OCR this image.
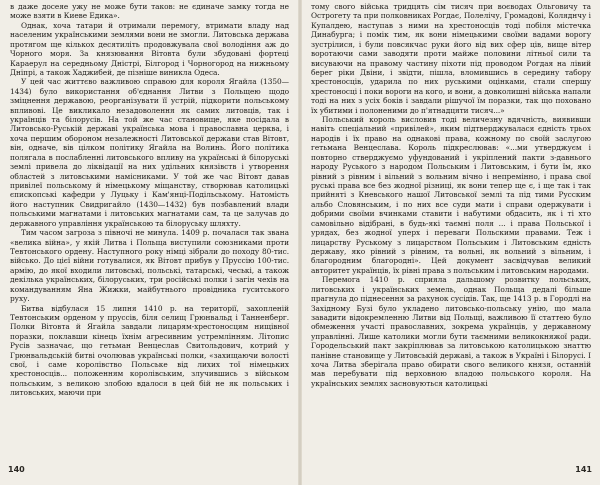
в даже досеяе ужу не може бути таков: не єдиначе замку тогда не може взяти в Киеве Едика».

Однак, хоча татари й отримали перемогу, втримати владу над населеним українськими землями вони не змогли. Литовська держава протягом ще кількох десятиліть продовжувала свої володіння аж до Чорного моря. За князювання Вітовта були збудовані фортеці Караерул на середньому Дністрі, Білгород і Чорногород на нижньому Дніпрі, а також Хаджибей, де пізніше виникла Одеса.

У цей час життєво важливою справою для короля Ягайла (1350—1434) було використання об'єднання Литви з Польщею щодо зміцнення державою, реорганізувати її устрій, підкорити польському впливові. Це викликало незадоволення як самих литовців, так і українців та білорусів. На той же час становище, яке посідала в Литовсько-Руській державі українська мова і православна церква, і хоча першим обороном незалежності Литовської держави став Вітовт, він, одначе, вів цілком політику Ягайла на Волинь. Його політика полягала в послабленні литовського впливу на українські й білоруські землі привела до ліквідації на них удільних князівств і утворення областей з литовськими намісниками. У той же час Вітовт давав привілеї польському й німецькому міщанству, створював католицькі єпископські кафедри у Луцьку і Кам'янці-Подільському. Натомість його наступник Свидригайло (1430—1432) був позбавлений влади польськими магнатами і литовських магнатами сам, та це залучав до державного управління українською та білоруську шляхту.

Тим часом загроза з півночі не минула. 1409 р. почалася так звана «велика війна», у якій Литва і Польща виступили союзниками проти Тевтонського ордену. Наступного року німці зібрали до походу 80-тис. військо. До цієї війни готувалися, як Вітовт прибув у Пруссію 100-тис. армію, до якої входили литовські, польські, татарські, чеські, а також декілька українських, білоруських, три російські полки і загін чехів на командуванням Яна Жижки, майбутнього провідника гуситського руху.

Битва відбулася 15 липня 1410 р. на території, захопленій Тевтонським орденом у пруссів, біля селищ Грюнвальд і Танненберг. Полки Вітовта й Ягайла завдали лицарям-хрестоносцям нищівної поразки, поклавши кінець їхнім агресивним устремлінням. Літопис Русів зазначає, що гетьман Венцеслав Свитольдович, котрий у Грюнвальдській битві очолював українські полки, «захищаючи волості свої, і саме королівство Польське від лихих тої німецьких хрестоносців... положенням королівським, злучившись з військом польським, з великою злобою вдалося в цей бій не як польських і литовських, маючи при

140

тому свого війська тридцять сім тисяч при воєводах Ольговичу та Острогету та при полковниках Рогдає, Полелічу, Громадові, Коляднчу і Купалдею, наступав з ними на хрестоносців тоді побіля містечка Динабурга; і помік тим, як вони німецькими своїми вадами ворогу зустрілися, і були повсякчас руки його від вих сфер ців, вище вітер воротаючи сами заводяти проти майже половини літньої сили та висуваючи на правому частину піхоти під проводом Рогдая на лівий берег ріки Двіни, і звідти, пішла, вломившись в середину табору хрестоносців, ударила по них руськими оцінками, стали спершу хрестоносці і поки вороги на кого, и вони, а довколишні війська напали тоді на них з усіх боків і завдали рішучої їм поразки, так що поховано їх убитими і полоненими до п'ятнадцяти тисяч...»

Польський король висловив тоді величезну вдячність, виявивши навіть спеціальний «привілей», яким підтверджувалася єдність трьох народів і їх право на однакові права, кожному по своїй заслугою гетьмана Венцеслава. Король підкреслював: «...ми утверджуєм і повторно стверджуємо уфундований і укріплений пакти з-давнього народу Руського з народом Польським і Литовським, і бути їм, яко рівний з рівним і вільний з вольним вічно і непремінно, і права свої руські права все без жодної різниці, як вони тепер ще є, і ще так і так прийняті з Кневського нашої Литовської землі та під тими Русским альбо Словянським, і по них все суди мати і справи одержувати і добрими своїми вчинками ставити і набутими обдасить, як і ті хто самовільно відібрані, в будь-які таємні поля ... і права Польської і урядах, без жодної уперх і переваги Польскими правами. Теж і лицарству Руському з лицарством Польським і Литовським єдність державу, яко рівний з рівним, та вольні, як вольний з вільним, і благородним благородні». Цей документ засвідчував великий авторитет українців, їх рівні права з польським і литовським народами.

Перемога 1410 р. сприяла дальшому розвитку польських, литовських і українських земель, однак Польща дедалі більше прагнула до піднесення за рахунок сусідів. Так, ще 1413 р. в Городлі на Західному Бузі було укладено литовсько-польську унію, що мала завадити відокремленню Литви від Польщі, важливою її статтею було обмеження участі православних, зокрема українців, у державному управлінні. Лише католики могли бути таємними великокняжої ради. Городельський пакт закріплював за литовською католицькою знаттю панівне становище у Литовській державі, а також в Україні і Білорусі. І хоча Литва зберігала право обирати свого великого князя, останній мав перебувати під верховною владою польського короля. На українських землях засновуються католицькі

141
